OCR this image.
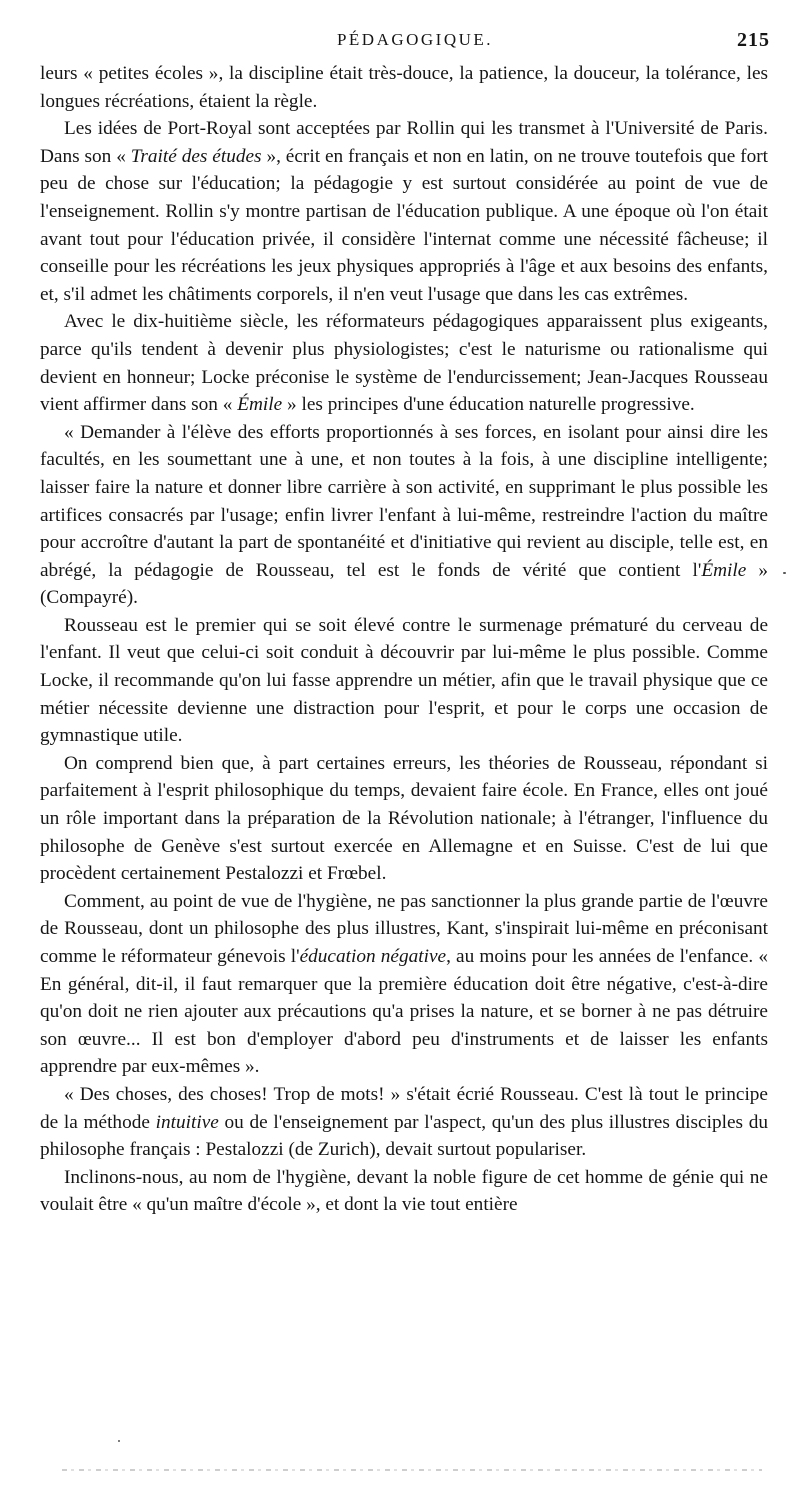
PÉDAGOGIQUE.	215

leurs « petites écoles », la discipline était très-douce, la patience, la douceur, la tolérance, les longues récréations, étaient la règle.

Les idées de Port-Royal sont acceptées par Rollin qui les transmet à l'Université de Paris. Dans son « Traité des études », écrit en français et non en latin, on ne trouve toutefois que fort peu de chose sur l'éducation; la pédagogie y est surtout considérée au point de vue de l'enseignement. Rollin s'y montre partisan de l'éducation publique. A une époque où l'on était avant tout pour l'éducation privée, il considère l'internat comme une nécessité fâcheuse; il conseille pour les récréations les jeux physiques appropriés à l'âge et aux besoins des enfants, et, s'il admet les châtiments corporels, il n'en veut l'usage que dans les cas extrêmes.

Avec le dix-huitième siècle, les réformateurs pédagogiques apparaissent plus exigeants, parce qu'ils tendent à devenir plus physiologistes; c'est le naturisme ou rationalisme qui devient en honneur; Locke préconise le système de l'endurcissement; Jean-Jacques Rousseau vient affirmer dans son « Émile » les principes d'une éducation naturelle progressive.

« Demander à l'élève des efforts proportionnés à ses forces, en isolant pour ainsi dire les facultés, en les soumettant une à une, et non toutes à la fois, à une discipline intelligente; laisser faire la nature et donner libre carrière à son activité, en supprimant le plus possible les artifices consacrés par l'usage; enfin livrer l'enfant à lui-même, restreindre l'action du maître pour accroître d'autant la part de spontanéité et d'initiative qui revient au disciple, telle est, en abrégé, la pédagogie de Rousseau, tel est le fonds de vérité que contient l'Émile » (Compayré).

Rousseau est le premier qui se soit élevé contre le surmenage prématuré du cerveau de l'enfant. Il veut que celui-ci soit conduit à découvrir par lui-même le plus possible. Comme Locke, il recommande qu'on lui fasse apprendre un métier, afin que le travail physique que ce métier nécessite devienne une distraction pour l'esprit, et pour le corps une occasion de gymnastique utile.

On comprend bien que, à part certaines erreurs, les théories de Rousseau, répondant si parfaitement à l'esprit philosophique du temps, devaient faire école. En France, elles ont joué un rôle important dans la préparation de la Révolution nationale; à l'étranger, l'influence du philosophe de Genève s'est surtout exercée en Allemagne et en Suisse. C'est de lui que procèdent certainement Pestalozzi et Frœbel.

Comment, au point de vue de l'hygiène, ne pas sanctionner la plus grande partie de l'œuvre de Rousseau, dont un philosophe des plus illustres, Kant, s'inspirait lui-même en préconisant comme le réformateur génevois l'éducation négative, au moins pour les années de l'enfance. « En général, dit-il, il faut remarquer que la première éducation doit être négative, c'est-à-dire qu'on doit ne rien ajouter aux précautions qu'a prises la nature, et se borner à ne pas détruire son œuvre... Il est bon d'employer d'abord peu d'instruments et de laisser les enfants apprendre par eux-mêmes ».

« Des choses, des choses! Trop de mots! » s'était écrié Rousseau. C'est là tout le principe de la méthode intuitive ou de l'enseignement par l'aspect, qu'un des plus illustres disciples du philosophe français : Pestalozzi (de Zurich), devait surtout populariser.

Inclinons-nous, au nom de l'hygiène, devant la noble figure de cet homme de génie qui ne voulait être « qu'un maître d'école », et dont la vie tout entière
